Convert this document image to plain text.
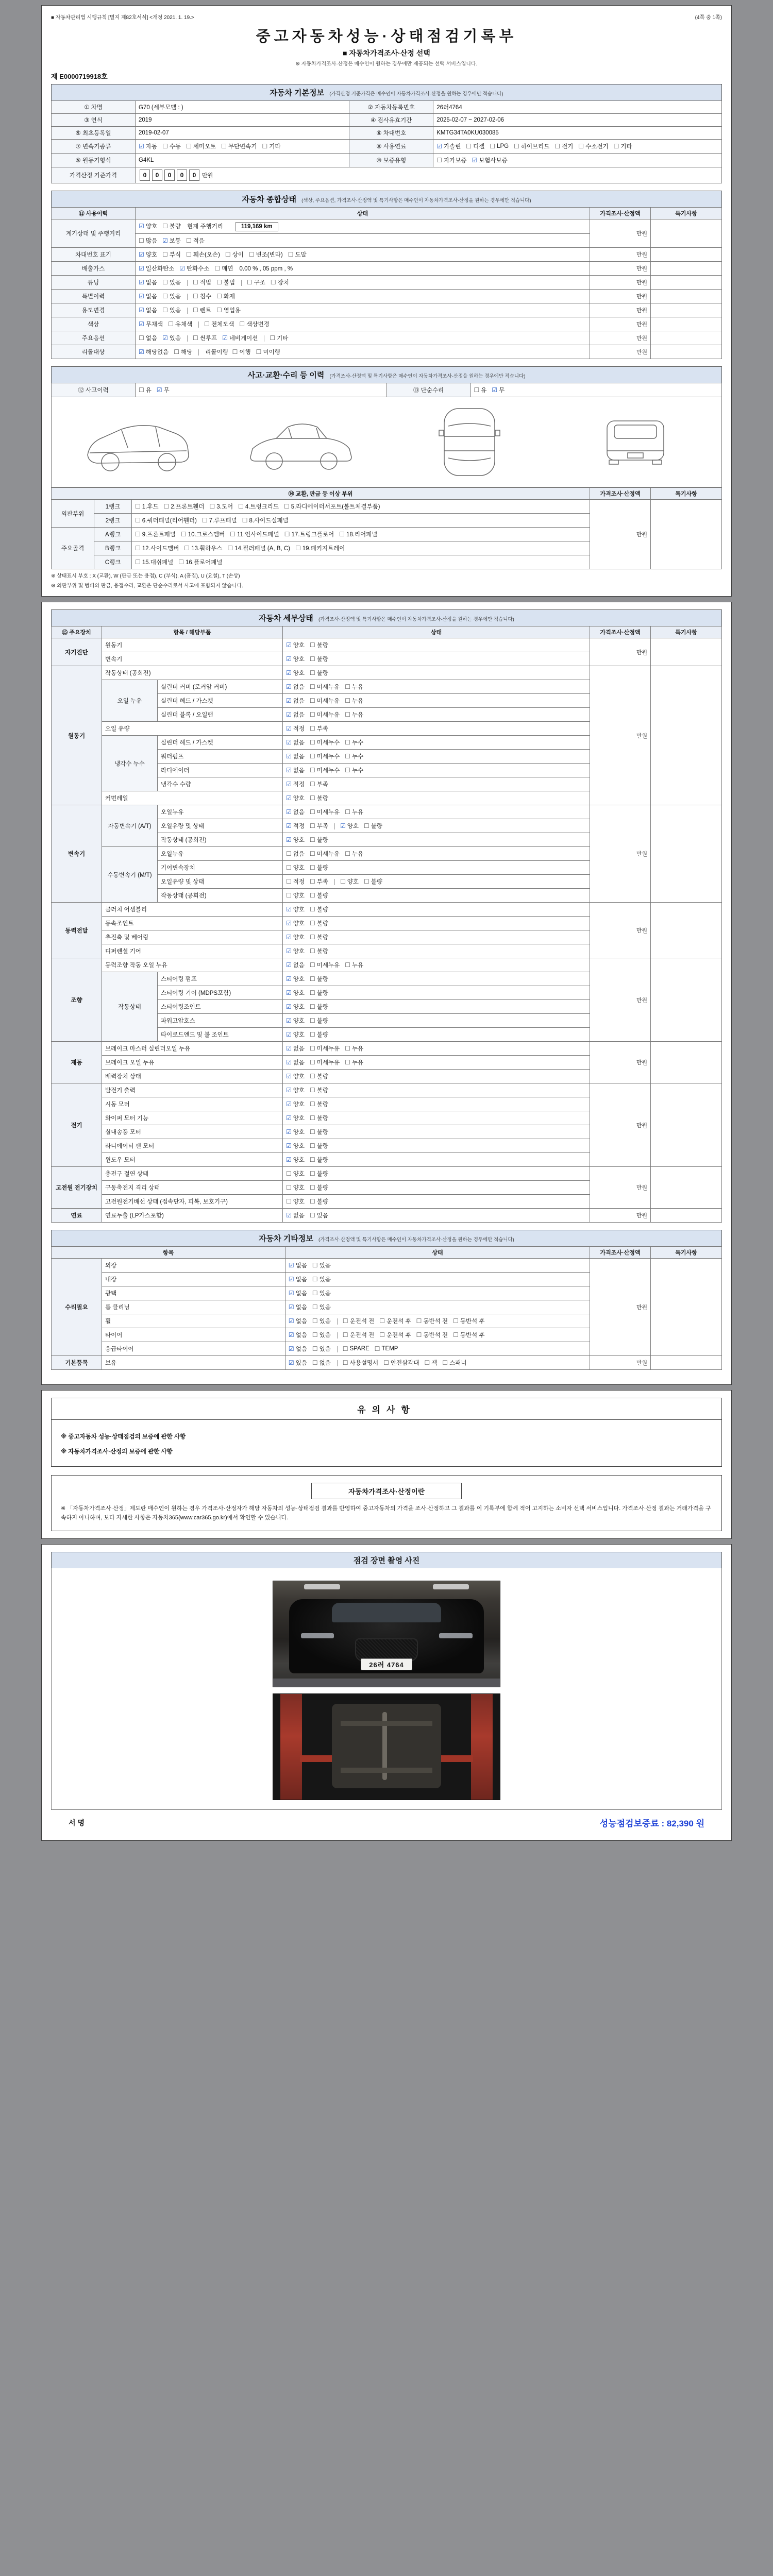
■ 자동차관리법 시행규칙 [별지 제82호서식] <개정 2021. 1. 19.>	(4쪽 중 1쪽)
중고자동차성능·상태점검기록부
■ 자동차가격조사·산정 선택
※ 자동차가격조사·산정은 매수인이 원하는 경우에만 제공되는 선택 서비스입니다.
제 E0000719918호
자동차 기본정보 (가격산정 기준가격은 매수인이 자동차가격조사·산정을 원하는 경우에만 적습니다)
① 차명	G70 (세부모델 : )	② 자동차등록번호	26러4764
③ 연식	2019	④ 검사유효기간	2025-02-07 ~ 2027-02-06
⑤ 최초등록일	2019-02-07	⑥ 차대번호	KMTG34TA0KU030085
⑦ 변속기종류	☑ 자동 ☐ 수동 ☐ 세미오토 ☐ 무단변속기 ☐ 기타	⑧ 사용연료	☑ 가솔린 ☐ 디젤 ☐ LPG ☐ 하이브리드 ☐ 전기 ☐ 수소전기 ☐ 기타

⑨ 원동기형식	G4KL	⑩ 보증유형	☐ 자가보증 ☑ 보험사보증

가격산정 기준가격	0 0 0 0 0 만원		
자동차 종합상태 (색상, 주요옵션, 가격조사·산정액 및 특기사항은 매수인이 자동차가격조사·산정을 원하는 경우에만 적습니다)
⑪ 사용이력	상태	가격조사·산정액	특기사항
계기상태 및 주행거리	☑ 양호 ☐ 불량 현재 주행거리 119,169 km	만원	

☐ 많음 ☑ 보통 ☐ 적음

차대번호 표기	☑ 양호 ☐ 부식 ☐ 훼손(오손) ☐ 상이 ☐ 변조(변타) ☐ 도말	만원	
배출가스	☑ 일산화탄소 ☑ 탄화수소 ☐ 매연 0.00 % , 05 ppm , %	만원	
튜닝	☑ 없음 ☐ 있음 ☐ 적법 ☐ 불법 ☐ 구조 ☐ 장치	만원	
특별이력	☑ 없음 ☐ 있음 ☐ 침수 ☐ 화재	만원	
용도변경	☑ 없음 ☐ 있음 ☐ 렌트 ☐ 영업용	만원	
색상	☑ 무채색 ☐ 유채색 ☐ 전체도색 ☐ 색상변경	만원	
주요옵션	☐ 없음 ☑ 있음 ☐ 썬루프 ☑ 네비게이션 ☐ 기타	만원	
리콜대상	☑ 해당없음 ☐ 해당 리콜이행 ☐ 이행 ☐ 미이행	만원	
사고·교환·수리 등 이력 (가격조사·산정액 및 특기사항은 매수인이 자동차가격조사·산정을 원하는 경우에만 적습니다)
⑫ 사고이력	☐ 유 ☑ 무	⑬ 단순수리	☐ 유 ☑ 무
⑭ 교환, 판금 등 이상 부위			가격조사·산정액	특기사항
외판부위	1랭크	☐ 1.후드 ☐ 2.프론트휀더 ☐ 3.도어 ☐ 4.트렁크리드 ☐ 5.라디에이터서포트(볼트체결부품)
	만원	
2랭크	☐ 6.쿼터패널(리어휀더) ☐ 7.루프패널 ☐ 8.사이드실패널

주요골격	A랭크	☐ 9.프론트패널 ☐ 10.크로스멤버 ☐ 11.인사이드패널 ☐ 17.트렁크플로어 ☐ 18.리어패널

B랭크	☐ 12.사이드멤버 ☐ 13.휠하우스 ☐ 14.필러패널 (A, B, C) ☐ 19.패키지트레이

	C랭크	☐ 15.대쉬패널 ☐ 16.플로어패널		
※ 상태표시 부호 : X (교환), W (판금 또는 용접), C (부식), A (흠집), U (요철), T (손상)
※ 외판부위 및 범퍼의 판금, 용접수리, 교환은 단순수리로서 사고에 포함되지 않습니다.
자동차 세부상태 (가격조사·산정액 및 특기사항은 매수인이 자동차가격조사·산정을 원하는 경우에만 적습니다)
⑮ 주요장치	항목 / 해당부품		상태	가격조사·산정액	특기사항
자기진단	원동기		☑ 양호 ☐ 불량	만원	
	변속기		☑ 양호 ☐ 불량		

원동기	작동상태 (공회전)		☑ 양호 ☐ 불량	만원	
오일 누유	실린더 커버 (로커암 커버)	☑ 없음 ☐ 미세누유 ☐ 누유

실린더 헤드 / 가스켓	☑ 없음 ☐ 미세누유 ☐ 누유

실린더 블록 / 오일팬	☑ 없음 ☐ 미세누유 ☐ 누유

	오일 유량		☑ 적정 ☐ 부족		

냉각수 누수	실린더 헤드 / 가스켓	☑ 없음 ☐ 미세누수 ☐ 누수

워터펌프	☑ 없음 ☐ 미세누수 ☐ 누수

라디에이터	☑ 없음 ☐ 미세누수 ☐ 누수

		냉각수 수량	☑ 적정 ☐ 부족		

	커먼레일		☑ 양호 ☐ 불량		

변속기	자동변속기 (A/T)	오일누유	☑ 없음 ☐ 미세누유 ☐ 누유
	만원	
오일유량 및 상태	☑ 적정 ☐ 부족 ☑ 양호 ☐ 불량

		작동상태 (공회전)	☑ 양호 ☐ 불량		

수동변속기 (M/T)	오일누유	☐ 없음 ☐ 미세누유 ☐ 누유

		기어변속장치	☐ 양호 ☐ 불량		

오일유량 및 상태	☐ 적정 ☐ 부족 ☐ 양호 ☐ 불량

		작동상태 (공회전)	☐ 양호 ☐ 불량		

동력전달	클러치 어셈블리		☑ 양호 ☐ 불량	만원	
	등속조인트		☑ 양호 ☐ 불량		

	추진축 및 베어링		☑ 양호 ☐ 불량		

	디퍼렌셜 기어		☑ 양호 ☐ 불량		

조향	동력조향 작동 오일 누유	☑ 없음 ☐ 미세누유 ☐ 누유
	만원	
	작동상태	스티어링 펌프	☑ 양호 ☐ 불량		

		스티어링 기어 (MDPS포함)	☑ 양호 ☐ 불량		

		스티어링조인트	☑ 양호 ☐ 불량		

		파워고압호스	☑ 양호 ☐ 불량		

		타이로드엔드 및 볼 조인트	☑ 양호 ☐ 불량		

제동	브레이크 마스터 실린더오일 누유	☑ 없음 ☐ 미세누유 ☐ 누유
	만원	
브레이크 오일 누유	☑ 없음 ☐ 미세누유 ☐ 누유

	배력장치 상태		☑ 양호 ☐ 불량		

전기	발전기 출력		☑ 양호 ☐ 불량	만원	
	시동 모터		☑ 양호 ☐ 불량		

	와이퍼 모터 기능		☑ 양호 ☐ 불량		

	실내송풍 모터		☑ 양호 ☐ 불량		

	라디에이터 팬 모터		☑ 양호 ☐ 불량		

	윈도우 모터		☑ 양호 ☐ 불량		

고전원 전기장치	충전구 절연 상태		☐ 양호 ☐ 불량	만원	
	구동축전지 격리 상태		☐ 양호 ☐ 불량		

	고전원전기배선 상태 (접속단자, 피복, 보호기구)		☐ 양호 ☐ 불량		

연료	연료누출 (LP가스포함)		☑ 없음 ☐ 있음	만원	
자동차 기타정보 (가격조사·산정액 및 특기사항은 매수인이 자동차가격조사·산정을 원하는 경우에만 적습니다)
항목		상태	가격조사·산정액	특기사항
수리필요	외장	☑ 없음 ☐ 있음	만원	
	내장	☑ 없음 ☐ 있음		

	광택	☑ 없음 ☐ 있음		

	룸 클리닝	☑ 없음 ☐ 있음		

휠	☑ 없음 ☐ 있음 ☐ 운전석 전 ☐ 운전석 후 ☐ 동반석 전 ☐ 동반석 후

타이어	☑ 없음 ☐ 있음 ☐ 운전석 전 ☐ 운전석 후 ☐ 동반석 전 ☐ 동반석 후

응급타이어	☑ 없음 ☐ 있음 ☐ SPARE ☐ TEMP

기본품목	보유	☑ 있음 ☐ 없음 ☐ 사용설명서 ☐ 안전삼각대 ☐ 잭 ☐ 스패너	만원	
유의사항
※ 중고자동차 성능·상태점검의 보증에 관한 사항
※ 자동차가격조사·산정의 보증에 관한 사항
자동차가격조사·산정이란
※ 「자동차가격조사·산정」제도란 매수인이 원하는 경우 가격조사·산정자가 해당 자동차의 성능·상태점검 결과를 반영하여 중고자동차의 가격을 조사·산정하고 그 결과를 이 기록부에 함께 적어 고지하는 소비자 선택 서비스입니다. 가격조사·산정 결과는 거래가격을 구속하지 아니하며, 보다 자세한 사항은 자동차365(www.car365.go.kr)에서 확인할 수 있습니다.
점검 장면 촬영 사진
26러 4764
서명	성능점검보증료 : 82,390 원
